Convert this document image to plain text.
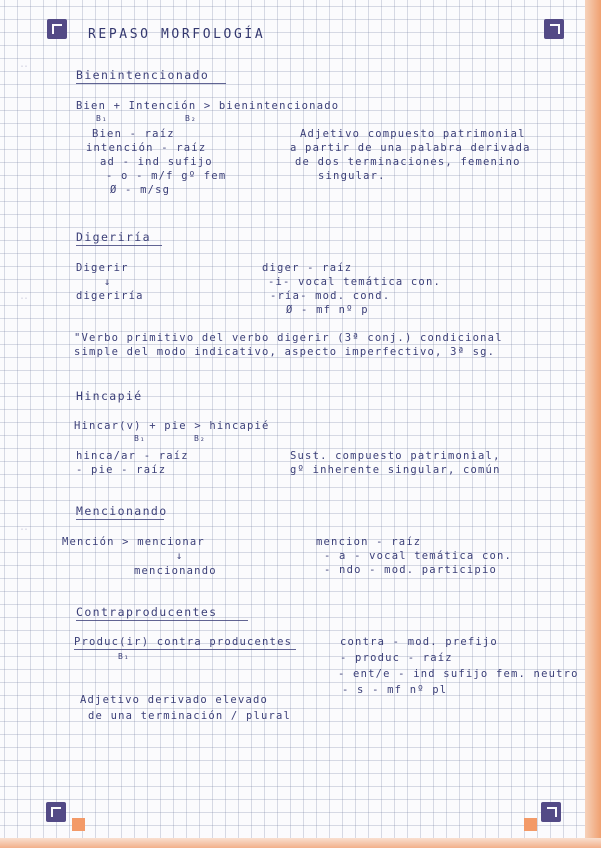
˙˙
˙˙
˙˙
REPASO MORFOLOGÍA
Bienintencionado
Bien + Intención > bienintencionado
B₁	B₂
Bien - raíz
intención - raíz
ad - ind sufijo
- o - m/f gº fem
Ø - m/sg
Adjetivo compuesto patrimonial
a partir de una palabra derivada
de dos terminaciones, femenino
singular.
Digeriría
Digerir
↓
digeriría
diger - raíz
-i- vocal temática con.
-ría- mod. cond.
Ø - mf nº p
"Verbo primitivo del verbo digerir (3ª conj.) condicional
simple del modo indicativo, aspecto imperfectivo, 3ª sg.
Hincapié
Hincar(v) + pie > hincapié
B₁	B₂
hinca/ar - raíz
- pie - raíz
Sust. compuesto patrimonial,
gº inherente singular, común
Mencionando
Mención > mencionar
↓
mencionando
mencion - raíz
- a - vocal temática con.
- ndo - mod. participio
Contraproducentes
Produc(ir) contra producentes
B₁
contra - mod. prefijo
- produc - raíz
- ent/e - ind sufijo fem. neutro
- s - mf nº pl
Adjetivo derivado elevado
de una terminación / plural
